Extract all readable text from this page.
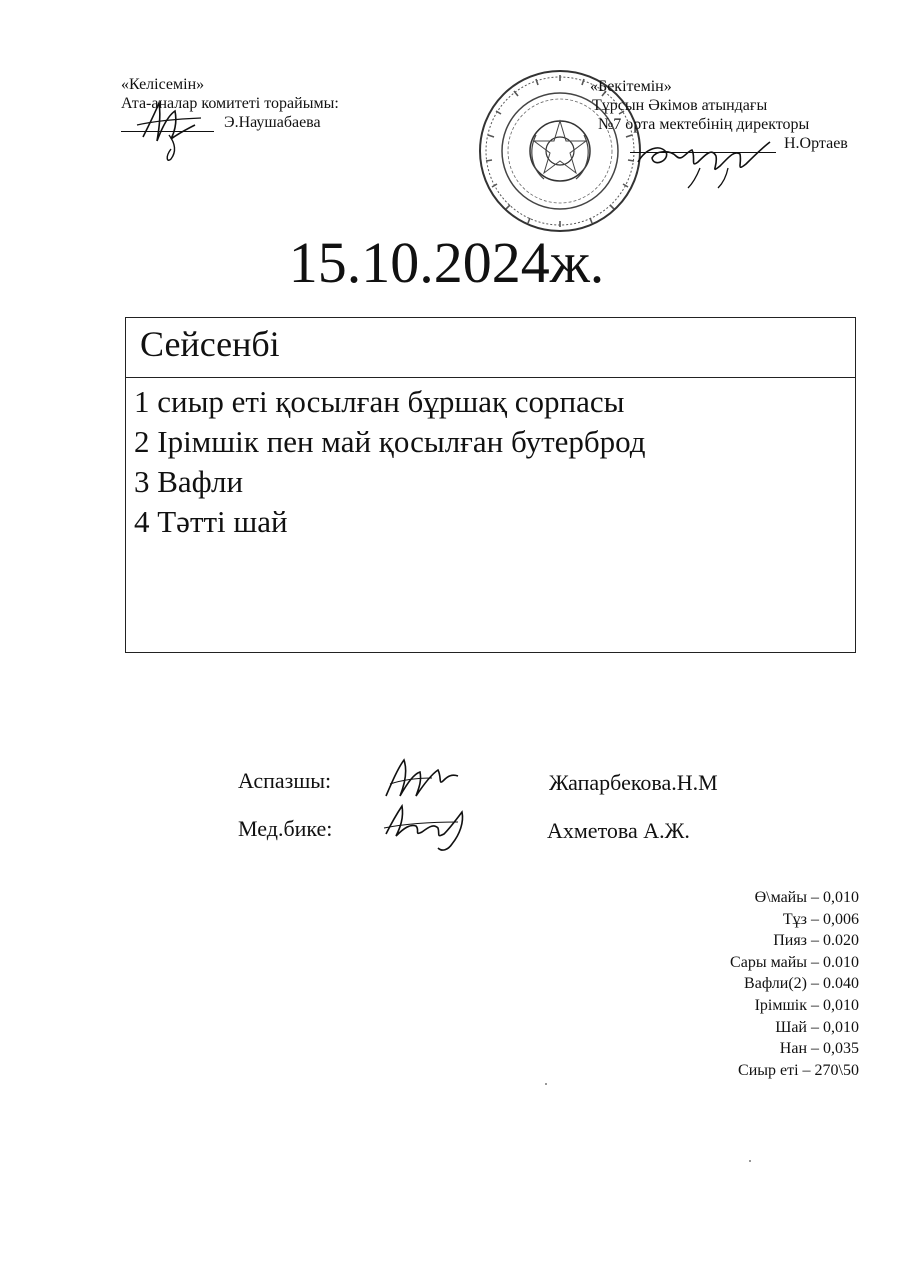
«Келісемін»
Ата-аналар комитеті торайымы:
Э.Наушабаева
«Бекітемін»
Тұрсын Әкімов атындағы
№7 орта мектебінің директоры
Н.Ортаев
15.10.2024ж.
Сейсенбі
1 сиыр еті қосылған бұршақ сорпасы
2 Ірімшік пен май қосылған бутерброд
3 Вафли
4 Тәтті шай
Аспазшы:	Жапарбекова.Н.М
Мед.бике:	Ахметова А.Ж.
Ө\майы – 0,010
Тұз – 0,006
Пияз – 0.020
Сары майы – 0.010
Вафли(2) – 0.040
Ірімшік – 0,010
Шай – 0,010
Нан – 0,035
Сиыр еті – 270\50
